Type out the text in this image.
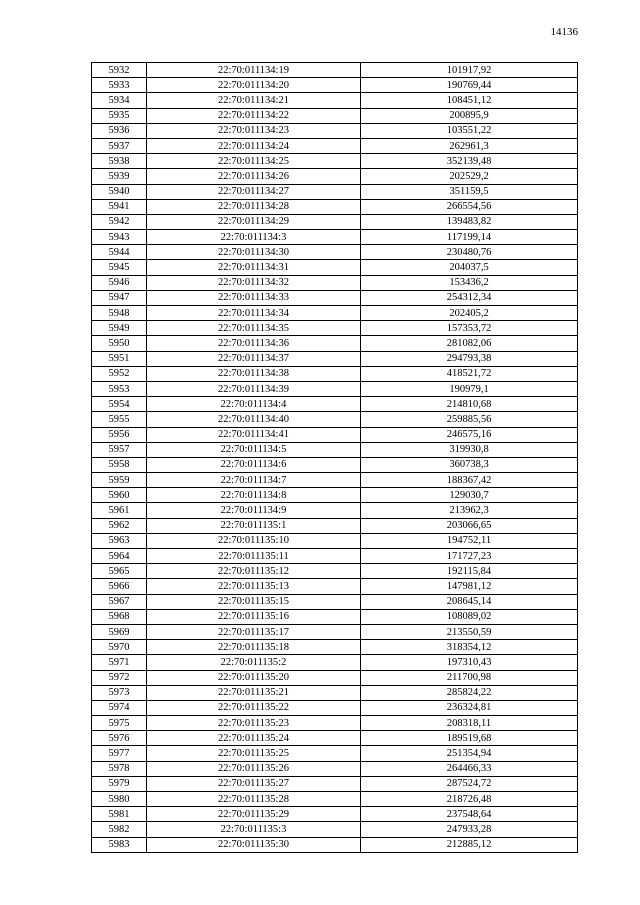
14136
5932	22:70:011134:19	101917,92
5933	22:70:011134:20	190769,44
5934	22:70:011134:21	108451,12
5935	22:70:011134:22	200895,9
5936	22:70:011134:23	103551,22
5937	22:70:011134:24	262961,3
5938	22:70:011134:25	352139,48
5939	22:70:011134:26	202529,2
5940	22:70:011134:27	351159,5
5941	22:70:011134:28	266554,56
5942	22:70:011134:29	139483,82
5943	22:70:011134:3	117199,14
5944	22:70:011134:30	230480,76
5945	22:70:011134:31	204037,5
5946	22:70:011134:32	153436,2
5947	22:70:011134:33	254312,34
5948	22:70:011134:34	202405,2
5949	22:70:011134:35	157353,72
5950	22:70:011134:36	281082,06
5951	22:70:011134:37	294793,38
5952	22:70:011134:38	418521,72
5953	22:70:011134:39	190979,1
5954	22:70:011134:4	214810,68
5955	22:70:011134:40	259885,56
5956	22:70:011134:41	246575,16
5957	22:70:011134:5	319930,8
5958	22:70:011134:6	360738,3
5959	22:70:011134:7	188367,42
5960	22:70:011134:8	129030,7
5961	22:70:011134:9	213962,3
5962	22:70:011135:1	203066,65
5963	22:70:011135:10	194752,11
5964	22:70:011135:11	171727,23
5965	22:70:011135:12	192115,84
5966	22:70:011135:13	147981,12
5967	22:70:011135:15	208645,14
5968	22:70:011135:16	108089,02
5969	22:70:011135:17	213550,59
5970	22:70:011135:18	318354,12
5971	22:70:011135:2	197310,43
5972	22:70:011135:20	211700,98
5973	22:70:011135:21	285824,22
5974	22:70:011135:22	236324,81
5975	22:70:011135:23	208318,11
5976	22:70:011135:24	189519,68
5977	22:70:011135:25	251354,94
5978	22:70:011135:26	264466,33
5979	22:70:011135:27	287524,72
5980	22:70:011135:28	218726,48
5981	22:70:011135:29	237548,64
5982	22:70:011135:3	247933,28
5983	22:70:011135:30	212885,12
